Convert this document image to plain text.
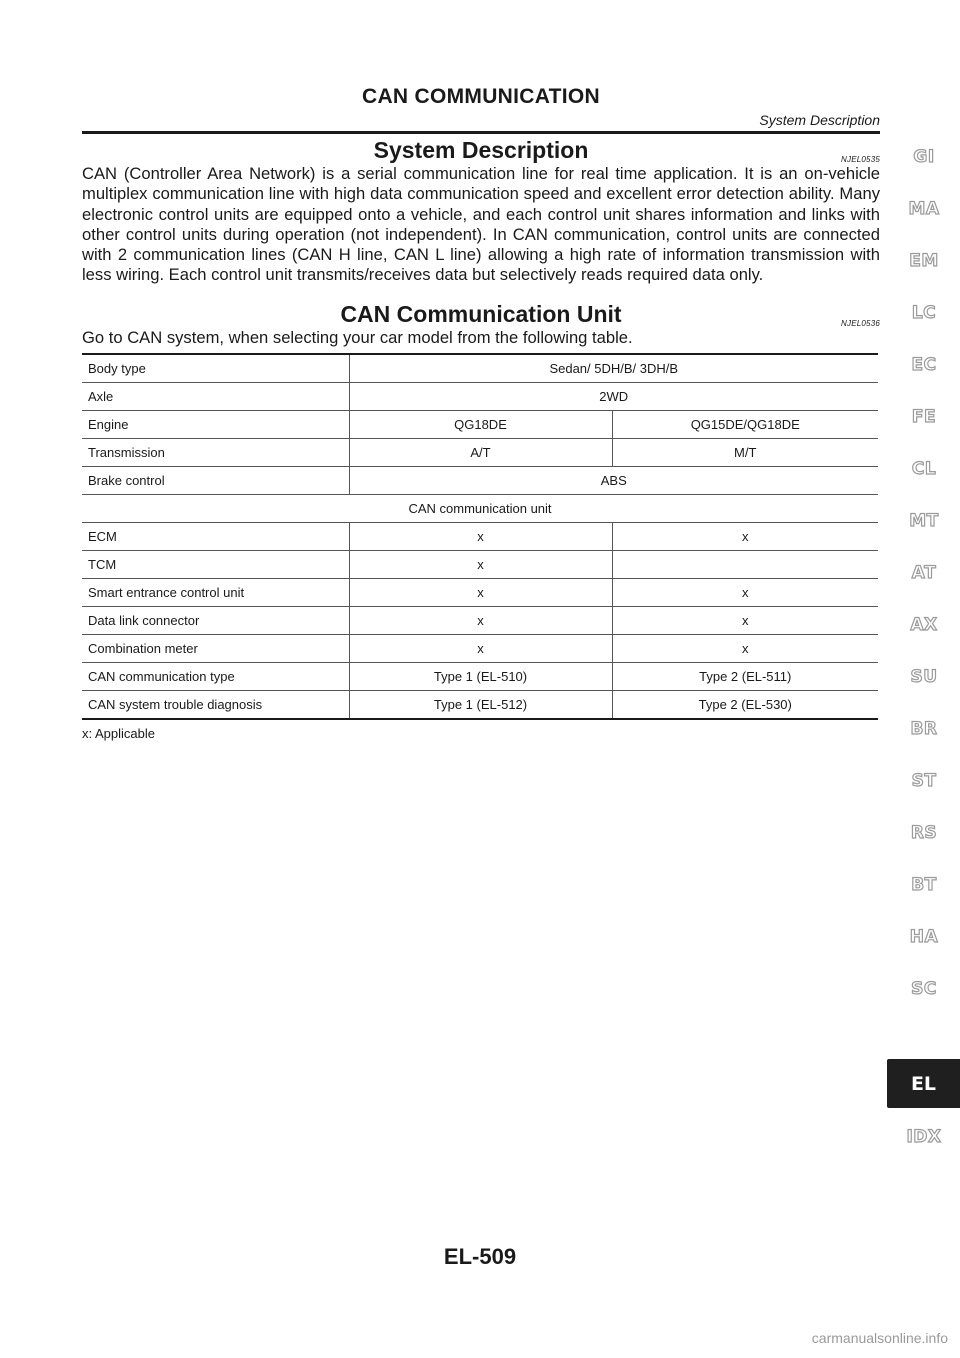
CAN COMMUNICATION
System Description
System Description	NJEL0535

CAN (Controller Area Network) is a serial communication line for real time application. It is an on-vehicle multiplex communication line with high data communication speed and excellent error detection ability. Many electronic control units are equipped onto a vehicle, and each control unit shares information and links with other control units during operation (not independent). In CAN communication, control units are connected with 2 communication lines (CAN H line, CAN L line) allowing a high rate of information transmission with less wiring. Each control unit transmits/receives data but selectively reads required data only.

CAN Communication Unit	NJEL0536

Go to CAN system, when selecting your car model from the following table.

Body type	Sedan/ 5DH/B/ 3DH/B	
Axle	2WD	
Engine	QG18DE	QG15DE/QG18DE
Transmission	A/T	M/T
Brake control	ABS	
CAN communication unit		
ECM	x	x
TCM	x	
Smart entrance control unit	x	x
Data link connector	x	x
Combination meter	x	x
CAN communication type	Type 1 (EL-510)	Type 2 (EL-511)
CAN system trouble diagnosis	Type 1 (EL-512)	Type 2 (EL-530)
x: Applicable
GI
MA
EM
LC
EC
FE
CL
MT
AT
AX
SU
BR
ST
RS
BT
HA
SC
IDX
EL
EL-509
carmanualsonline.info
